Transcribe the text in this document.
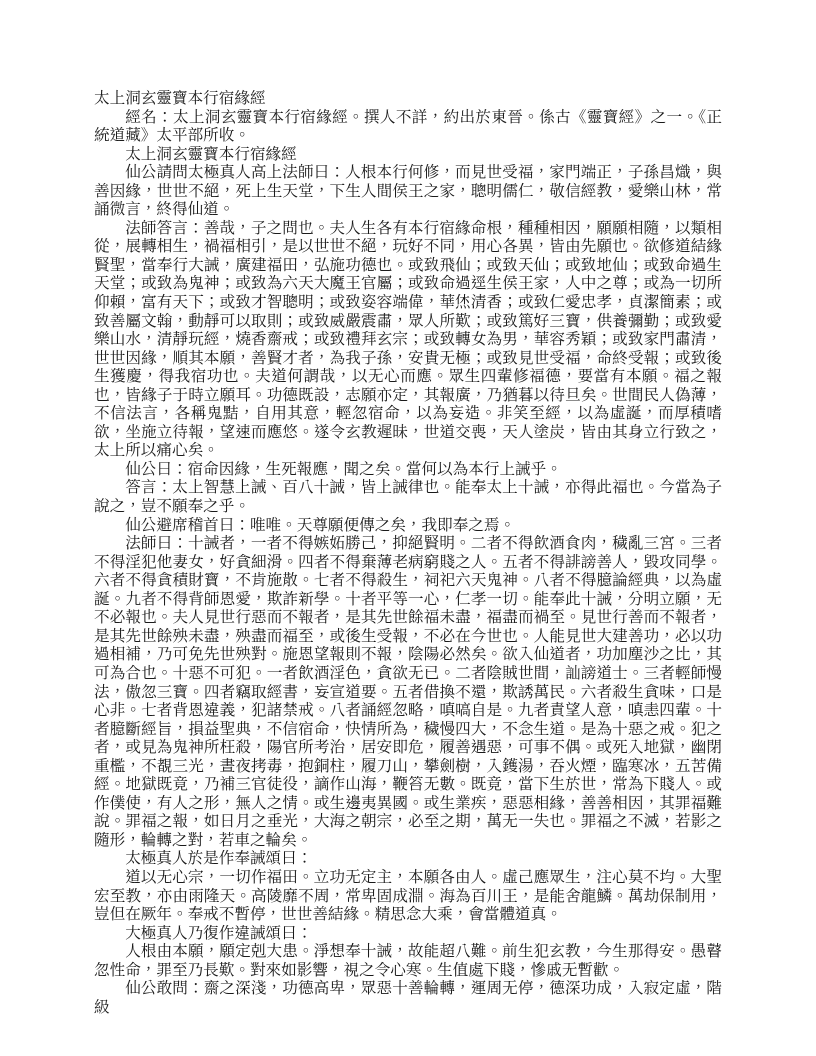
太上洞玄靈寶本行宿緣經

經名：太上洞玄靈寶本行宿緣經。撰人不詳，約出於東晉。係古《靈寶經》之一。《正統道藏》太平部所收。

太上洞玄靈寶本行宿緣經

仙公請問太極真人高上法師曰：人根本行何修，而見世受福，家門端正，子孫昌熾，與善因緣，世世不絕，死上生天堂，下生人間侯王之家，聰明儒仁，敬信經教，愛樂山林，常誦微言，終得仙道。

法師答言：善哉，子之問也。夫人生各有本行宿緣命根，種種相因，願願相隨，以類相從，展轉相生，禍福相引，是以世世不絕，玩好不同，用心各異，皆由先願也。欲修道結緣賢聖，當奉行大誡，廣建福田，弘施功德也。或致飛仙；或致天仙；或致地仙；或致命過生天堂；或致為鬼神；或致為六天大魔王官屬；或致命過逕生侯王家，人中之尊；或為一切所仰賴，富有天下；或致才智聰明；或致姿容端偉，華烋清香；或致仁愛忠孝，貞潔簡素；或致善屬文翰，動靜可以取則；或致威嚴震肅，眾人所歎；或致篤好三寶，供養彌勤；或致愛樂山水，清靜玩經，燒香齋戒；或致禮拜玄宗；或致轉女為男，華容秀穎；或致家門肅清，世世因緣，順其本願，善賢才者，為我子孫，安貴无極；或致見世受福，命終受報；或致後生獲慶，得我宿功也。夫道何謂哉，以无心而應。眾生四輩修福德，要當有本願。福之報也，皆緣子于時立願耳。功德既設，志願亦定，其報廣，乃猶暮以待旦矣。世間民人偽薄，不信法言，各稱鬼黠，自用其意，輕忽宿命，以為妄造。非笑至經，以為虛誕，而厚積嗜欲，坐施立待報，望速而應悠。遂令玄教遲昧，世道交喪，天人塗炭，皆由其身立行致之，太上所以痛心矣。

仙公曰：宿命因緣，生死報應，聞之矣。當何以為本行上誡乎。

答言：太上智慧上誡、百八十誡，皆上誡律也。能奉太上十誡，亦得此福也。今當為子說之，豈不願奉之乎。

仙公避席稽首曰：唯唯。天尊願便傳之矣，我即奉之焉。

法師曰：十誡者，一者不得嫉妬勝己，抑絕賢明。二者不得飲酒食肉，穢亂三宮。三者不得淫犯他妻女，好貪細滑。四者不得棄薄老病窮賤之人。五者不得誹謗善人，毀攻同學。六者不得貪積財寶，不肯施散。七者不得殺生，祠祀六天鬼神。八者不得臆論經典，以為虛誕。九者不得背師恩愛，欺詐新學。十者平等一心，仁孝一切。能奉此十誡，分明立願，无不必報也。夫人見世行惡而不報者，是其先世餘福未盡，福盡而禍至。見世行善而不報者，是其先世餘殃未盡，殃盡而福至，或後生受報，不必在今世也。人能見世大建善功，必以功過相補，乃可免先世殃對。施恩望報則不報，陰陽必然矣。欲入仙道者，功加塵沙之比，其可為合也。十惡不可犯。一者飲酒淫色，貪欲无已。二者陰賊世間，訕謗道士。三者輕師慢法，傲忽三寶。四者竊取經書，妄宣道要。五者借換不還，欺誘萬民。六者殺生貪味，口是心非。七者背恩違義，犯諸禁戒。八者誦經忽略，嗔嗃自是。九者責望人意，嗔恚四輩。十者臆斷經旨，損益聖典，不信宿命，快情所為，穢慢四大，不念生道。是為十惡之戒。犯之者，或見為鬼神所枉殺，陽官所考治，居安即危，履善遇惡，可事不偶。或死入地獄，幽閉重檻，不覩三光，晝夜拷毒，抱銅柱，履刀山，攀劍樹，入鑊湯，吞火煙，臨寒冰，五苦備經。地獄既竟，乃補三官徒役，謫作山海，鞭笞无數。既竟，當下生於世，常為下賤人。或作僕使，有人之形，無人之情。或生邊夷異國。或生業疾，惡惡相緣，善善相因，其罪福難說。罪福之報，如日月之垂光，大海之朝宗，必至之期，萬无一失也。罪福之不滅，若影之隨形，輪轉之對，若車之輪矣。

太極真人於是作奉誡頌曰：

道以无心宗，一切作福田。立功无定主，本願各由人。虛己應眾生，注心莫不均。大聖宏至教，亦由雨隆天。高陵靡不周，常卑固成淵。海為百川王，是能舍龍鱗。萬劫保制用，豈但在厥年。奉戒不暫停，世世善結緣。精思念大乘，會當體道真。

大極真人乃復作違誡頌曰：

人根由本願，願定剋大患。淨想奉十誡，故能超八難。前生犯玄教，今生那得安。愚瞽忽性命，罪至乃長歎。對來如影響，視之令心寒。生值處下賤，慘戚无暫歡。

仙公敢問：齋之深淺，功德高卑，眾惡十善輪轉，運周无停，德深功成，入寂定虛，階級
